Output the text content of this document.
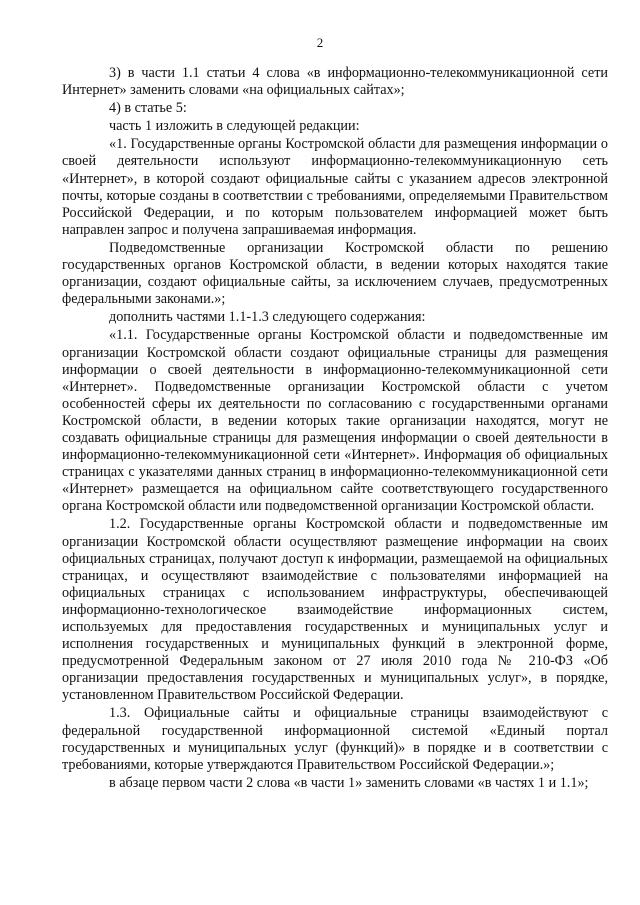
2

3) в части 1.1 статьи 4 слова «в информационно-телекоммуникационной сети Интернет» заменить словами «на официальных сайтах»;

4) в статье 5:

часть 1 изложить в следующей редакции:

«1. Государственные органы Костромской области для размещения информации о своей деятельности используют информационно-телекоммуникационную сеть «Интернет», в которой создают официальные сайты с указанием адресов электронной почты, которые созданы в соответствии с требованиями, определяемыми Правительством Российской Федерации, и по которым пользователем информацией может быть направлен запрос и получена запрашиваемая информация.

Подведомственные организации Костромской области по решению государственных органов Костромской области, в ведении которых находятся такие организации, создают официальные сайты, за исключением случаев, предусмотренных федеральными законами.»;

дополнить частями 1.1-1.3 следующего содержания:

«1.1. Государственные органы Костромской области и подведомственные им организации Костромской области создают официальные страницы для размещения информации о своей деятельности в информационно-телекоммуникационной сети «Интернет». Подведомственные организации Костромской области с учетом особенностей сферы их деятельности по согласованию с государственными органами Костромской области, в ведении которых такие организации находятся, могут не создавать официальные страницы для размещения информации о своей деятельности в информационно-телекоммуникационной сети «Интернет». Информация об официальных страницах с указателями данных страниц в информационно-телекоммуникационной сети «Интернет» размещается на официальном сайте соответствующего государственного органа Костромской области или подведомственной организации Костромской области.

1.2. Государственные органы Костромской области и подведомственные им организации Костромской области осуществляют размещение информации на своих официальных страницах, получают доступ к информации, размещаемой на официальных страницах, и осуществляют взаимодействие с пользователями информацией на официальных страницах с использованием инфраструктуры, обеспечивающей информационно-технологическое взаимодействие информационных систем, используемых для предоставления государственных и муниципальных услуг и исполнения государственных и муниципальных функций в электронной форме, предусмотренной Федеральным законом от 27 июля 2010 года № 210-ФЗ «Об организации предоставления государственных и муниципальных услуг», в порядке, установленном Правительством Российской Федерации.

1.3. Официальные сайты и официальные страницы взаимодействуют с федеральной государственной информационной системой «Единый портал государственных и муниципальных услуг (функций)» в порядке и в соответствии с требованиями, которые утверждаются Правительством Российской Федерации.»;

в абзаце первом части 2 слова «в части 1» заменить словами «в частях 1 и 1.1»;
